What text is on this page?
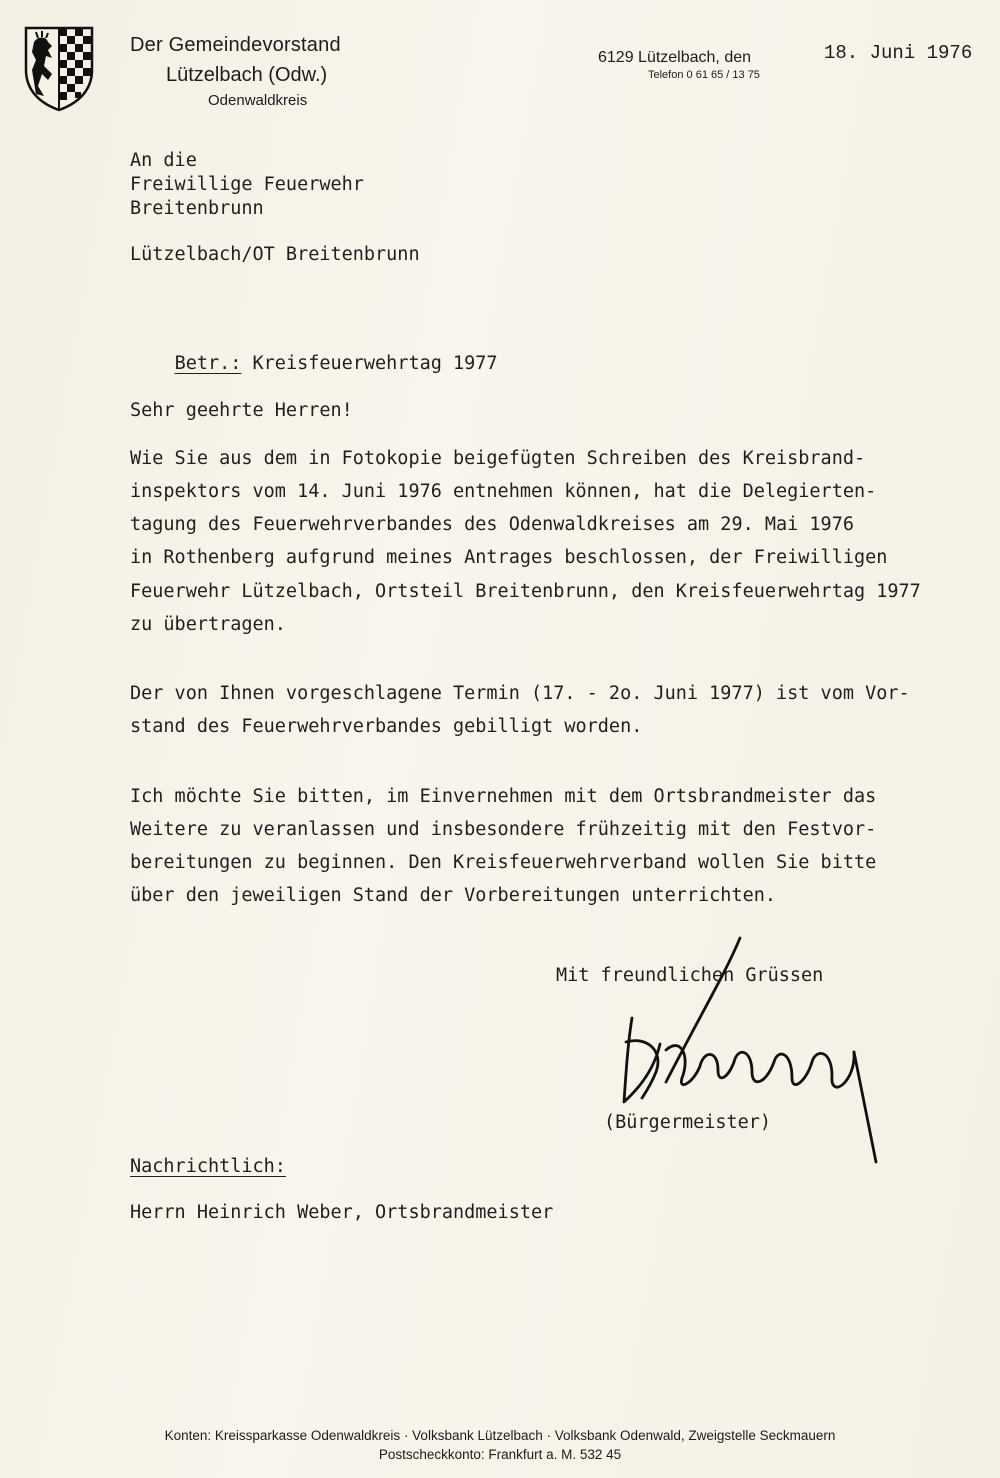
Der Gemeindevorstand
Lützelbach (Odw.)
Odenwaldkreis
6129 Lützelbach, den
Telefon 0 61 65 / 13 75
18. Juni 1976
An die
Freiwillige Feuerwehr
Breitenbrunn
Lützelbach/OT Breitenbrunn

Betr.: Kreisfeuerwehrtag 1977

Sehr geehrte Herren!
Wie Sie aus dem in Fotokopie beigefügten Schreiben des Kreisbrand-
inspektors vom 14. Juni 1976 entnehmen können, hat die Delegierten-
tagung des Feuerwehrverbandes des Odenwaldkreises am 29. Mai 1976
in Rothenberg aufgrund meines Antrages beschlossen, der Freiwilligen
Feuerwehr Lützelbach, Ortsteil Breitenbrunn, den Kreisfeuerwehrtag 1977
zu übertragen.
Der von Ihnen vorgeschlagene Termin (17. - 2o. Juni 1977) ist vom Vor-
stand des Feuerwehrverbandes gebilligt worden.
Ich möchte Sie bitten, im Einvernehmen mit dem Ortsbrandmeister das
Weitere zu veranlassen und insbesondere frühzeitig mit den Festvor-
bereitungen zu beginnen. Den Kreisfeuerwehrverband wollen Sie bitte
über den jeweiligen Stand der Vorbereitungen unterrichten.
Mit freundlichen Grüssen
(Bürgermeister)
Nachrichtlich:
Herrn Heinrich Weber, Ortsbrandmeister
Konten: Kreissparkasse Odenwaldkreis · Volksbank Lützelbach · Volksbank Odenwald, Zweigstelle Seckmauern
Postscheckkonto: Frankfurt a. M. 532 45
